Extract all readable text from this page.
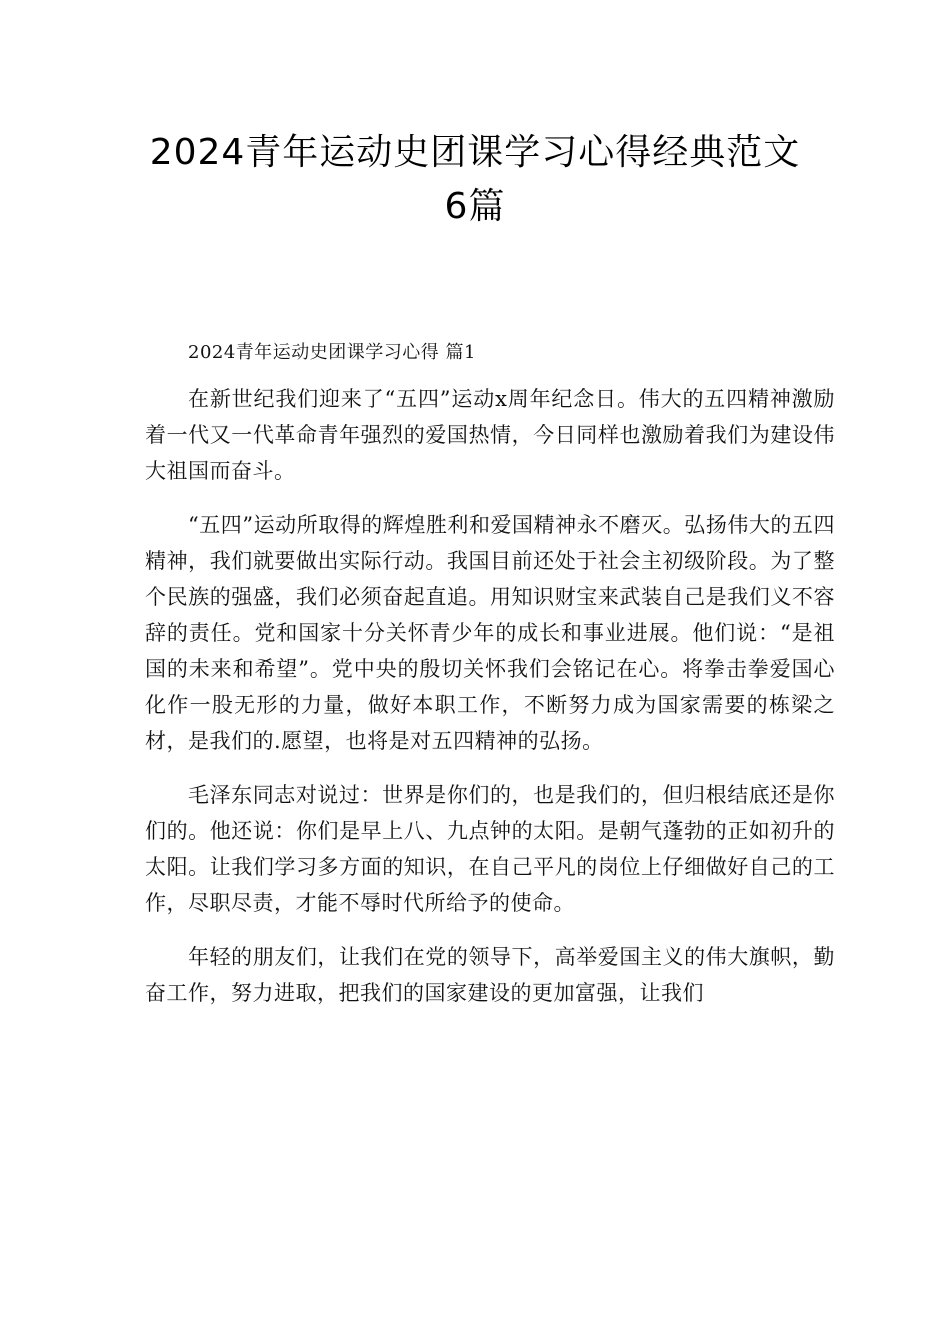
2024青年运动史团课学习心得经典范文
6篇

2024青年运动史团课学习心得 篇1

在新世纪我们迎来了“五四”运动x周年纪念日。伟大的五四精神激励着一代又一代革命青年强烈的爱国热情，今日同样也激励着我们为建设伟大祖国而奋斗。

“五四”运动所取得的辉煌胜利和爱国精神永不磨灭。弘扬伟大的五四精神，我们就要做出实际行动。我国目前还处于社会主初级阶段。为了整个民族的强盛，我们必须奋起直追。用知识财宝来武装自己是我们义不容辞的责任。党和国家十分关怀青少年的成长和事业进展。他们说：“是祖国的未来和希望”。党中央的殷切关怀我们会铭记在心。将拳击拳爱国心化作一股无形的力量，做好本职工作，不断努力成为国家需要的栋梁之材，是我们的.愿望，也将是对五四精神的弘扬。

毛泽东同志对说过：世界是你们的，也是我们的，但归根结底还是你们的。他还说：你们是早上八、九点钟的太阳。是朝气蓬勃的正如初升的太阳。让我们学习多方面的知识，在自己平凡的岗位上仔细做好自己的工作，尽职尽责，才能不辱时代所给予的使命。

年轻的朋友们，让我们在党的领导下，高举爱国主义的伟大旗帜，勤奋工作，努力进取，把我们的国家建设的更加富强，让我们
